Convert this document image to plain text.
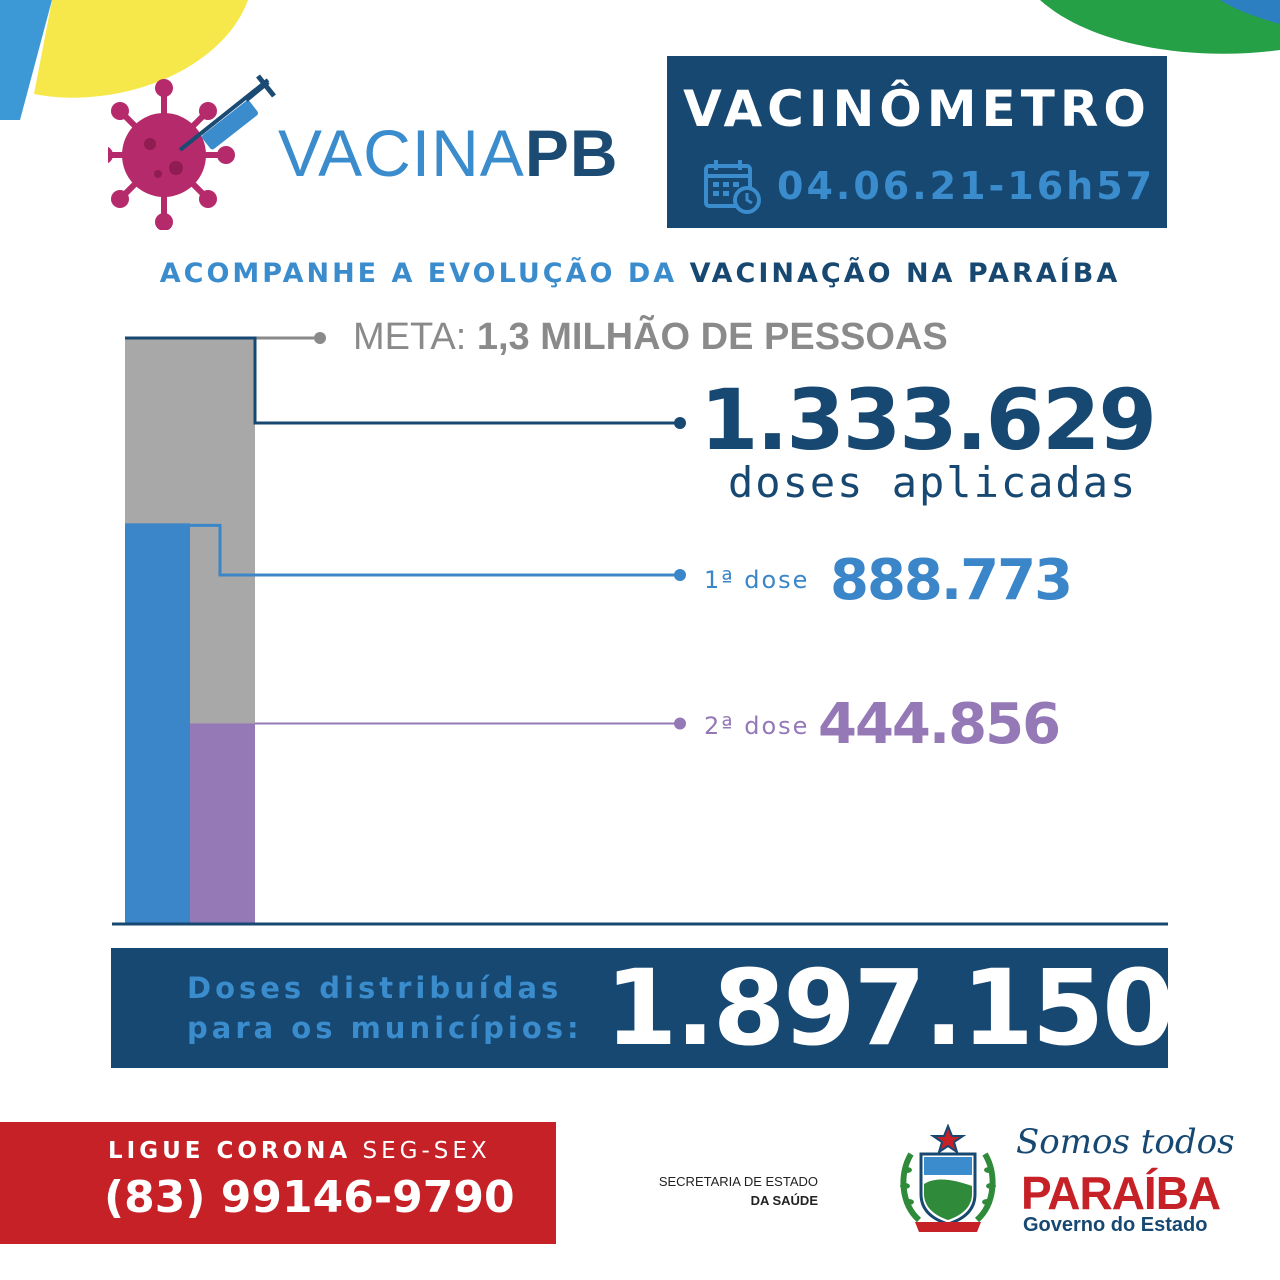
VACINAPB
VACINÔMETRO
04.06.21-16h57
ACOMPANHE A EVOLUÇÃO DA VACINAÇÃO NA PARAÍBA
META: 1,3 MILHÃO DE PESSOAS
1.333.629
doses aplicadas
1ª dose 888.773
2ª dose 444.856
Doses distribuídas
para os municípios: 1.897.150
LIGUE CORONA SEG-SEX
(83) 99146-9790	SECRETARIA DE ESTADO
DA SAÚDE
Somos todos
PARAÍBA
Governo do Estado
